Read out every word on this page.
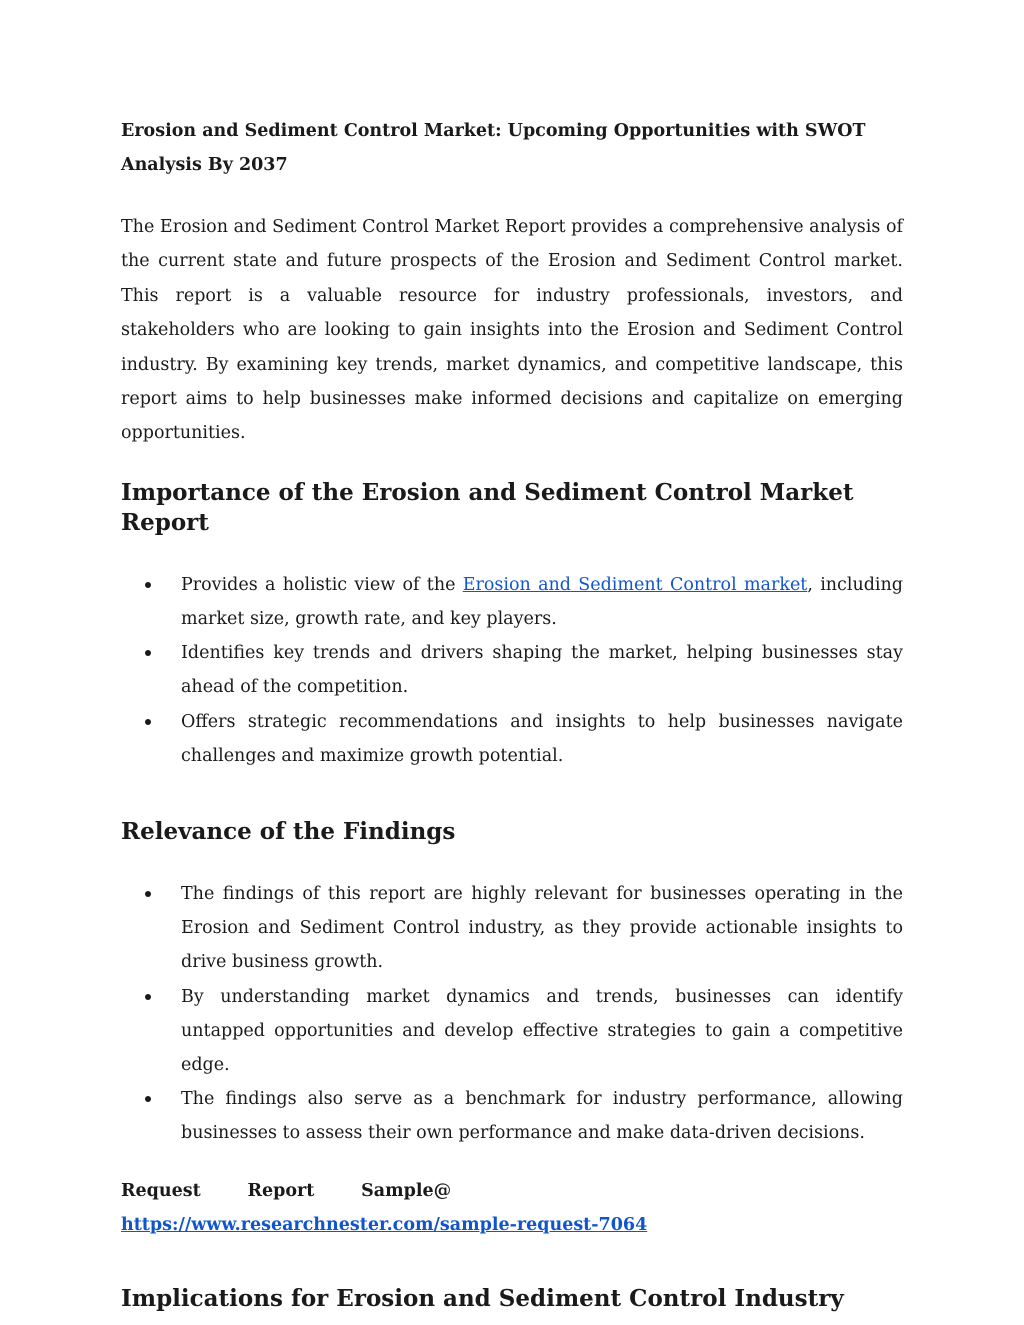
Erosion and Sediment Control Market: Upcoming Opportunities with SWOT Analysis By 2037

The Erosion and Sediment Control Market Report provides a comprehensive analysis of the current state and future prospects of the Erosion and Sediment Control market. This report is a valuable resource for industry professionals, investors, and stakeholders who are looking to gain insights into the Erosion and Sediment Control industry. By examining key trends, market dynamics, and competitive landscape, this report aims to help businesses make informed decisions and capitalize on emerging opportunities.

Importance of the Erosion and Sediment Control Market Report
Provides a holistic view of the Erosion and Sediment Control market, including market size, growth rate, and key players.
Identifies key trends and drivers shaping the market, helping businesses stay ahead of the competition.
Offers strategic recommendations and insights to help businesses navigate challenges and maximize growth potential.
Relevance of the Findings
The findings of this report are highly relevant for businesses operating in the Erosion and Sediment Control industry, as they provide actionable insights to drive business growth.
By understanding market dynamics and trends, businesses can identify untapped opportunities and develop effective strategies to gain a competitive edge.
The findings also serve as a benchmark for industry performance, allowing businesses to assess their own performance and make data-driven decisions.
Request Report Sample@                    https://www.researchnester.com/sample-request-7064
Implications for Erosion and Sediment Control Industry
